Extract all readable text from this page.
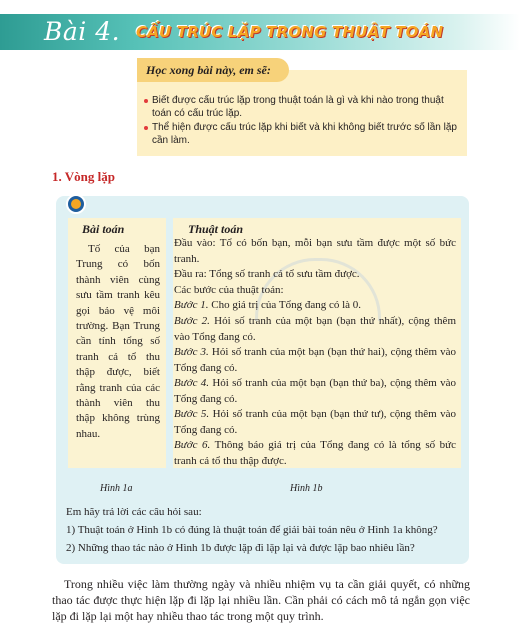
Bài 4. CẤU TRÚC LẶP TRONG THUẬT TOÁN
Học xong bài này, em sẽ:
Biết được cấu trúc lặp trong thuật toán là gì và khi nào trong thuật toán có cấu trúc lặp.
Thể hiện được cấu trúc lặp khi biết và khi không biết trước số lần lặp cần làm.
1. Vòng lặp
Bài toán
Tố của bạn Trung có bốn thành viên cùng sưu tầm tranh kêu gọi bảo vệ môi trường. Bạn Trung cần tính tổng số tranh cả tổ thu thập được, biết rằng tranh của các thành viên thu thập không trùng nhau.
Thuật toán
Đầu vào: Tổ có bốn bạn, mỗi bạn sưu tầm được một số bức tranh.
Đầu ra: Tổng số tranh cả tổ sưu tầm được.
Các bước của thuật toán:
Bước 1. Cho giá trị của Tổng đang có là 0.
Bước 2. Hỏi số tranh của một bạn (bạn thứ nhất), cộng thêm vào Tổng đang có.
Bước 3. Hỏi số tranh của một bạn (bạn thứ hai), cộng thêm vào Tổng đang có.
Bước 4. Hỏi số tranh của một bạn (bạn thứ ba), cộng thêm vào Tổng đang có.
Bước 5. Hỏi số tranh của một bạn (bạn thứ tư), cộng thêm vào Tổng đang có.
Bước 6. Thông báo giá trị của Tổng đang có là tổng số bức tranh cả tổ thu thập được.
Hình 1a	Hình 1b
Em hãy trả lời các câu hỏi sau:
1) Thuật toán ở Hình 1b có đúng là thuật toán để giải bài toán nêu ở Hình 1a không?
2) Những thao tác nào ở Hình 1b được lặp đi lặp lại và được lặp bao nhiêu lần?
Trong nhiều việc làm thường ngày và nhiều nhiệm vụ ta cần giải quyết, có những thao tác được thực hiện lặp đi lặp lại nhiều lần. Cần phải có cách mô tả ngắn gọn việc lặp đi lặp lại một hay nhiều thao tác trong một quy trình.
